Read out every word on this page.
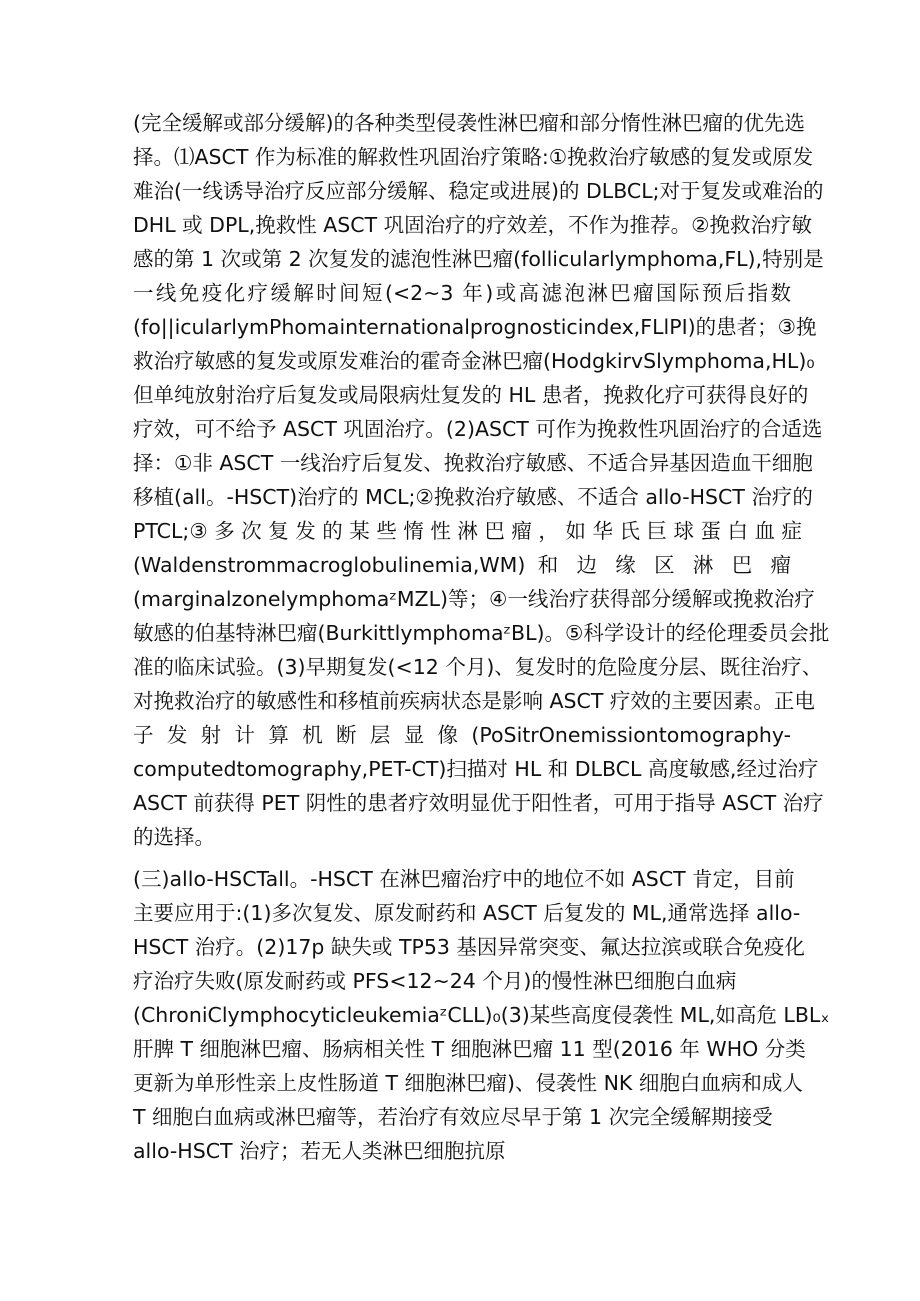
(完全缓解或部分缓解)的各种类型侵袭性淋巴瘤和部分惰性淋巴瘤的优先选
择。⑴ASCT 作为标准的解救性巩固治疗策略:①挽救治疗敏感的复发或原发
难治(一线诱导治疗反应部分缓解、稳定或进展)的 DLBCL;对于复发或难治的
DHL 或 DPL,挽救性 ASCT 巩固治疗的疗效差，不作为推荐。②挽救治疗敏
感的第 1 次或第 2 次复发的滤泡性淋巴瘤(follicularlymphoma,FL),特别是
一线免疫化疗缓解时间短(<2~3 年)或高滤泡淋巴瘤国际预后指数
(fo||icularlymPhomainternationalprognosticindex,FLlPI)的患者；③挽
救治疗敏感的复发或原发难治的霍奇金淋巴瘤(HodgkirvSlymphoma,HL)₀
但单纯放射治疗后复发或局限病灶复发的 HL 患者，挽救化疗可获得良好的
疗效，可不给予 ASCT 巩固治疗。(2)ASCT 可作为挽救性巩固治疗的合适选
择：①非 ASCT 一线治疗后复发、挽救治疗敏感、不适合异基因造血干细胞
移植(all。-HSCT)治疗的 MCL;②挽救治疗敏感、不适合 allo-HSCT 治疗的
PTCL;③ 多 次 复 发 的 某 些 惰 性 淋 巴 瘤 ， 如 华 氏 巨 球 蛋 白 血 症
(Waldenstrommacroglobulinemia,WM) 和 边 缘 区 淋 巴 瘤
(marginalzonelymphomaᶻMZL)等；④一线治疗获得部分缓解或挽救治疗
敏感的伯基特淋巴瘤(BurkittlymphomaᶻBL)。⑤科学设计的经伦理委员会批
准的临床试验。(3)早期复发(<12 个月)、复发时的危险度分层、既往治疗、
对挽救治疗的敏感性和移植前疾病状态是影响 ASCT 疗效的主要因素。正电
子 发 射 计 算 机 断 层 显 像 (PoSitrOnemissiontomography-
computedtomography,PET-CT)扫描对 HL 和 DLBCL 高度敏感,经过治疗
ASCT 前获得 PET 阴性的患者疗效明显优于阳性者，可用于指导 ASCT 治疗
的选择。
(三)allo-HSCTall。-HSCT 在淋巴瘤治疗中的地位不如 ASCT 肯定，目前
主要应用于:(1)多次复发、原发耐药和 ASCT 后复发的 ML,通常选择 allo-
HSCT 治疗。(2)17p 缺失或 TP53 基因异常突变、氟达拉滨或联合免疫化
疗治疗失败(原发耐药或 PFS<12~24 个月)的慢性淋巴细胞白血病
(ChroniClymphocyticleukemiaᶻCLL)₀(3)某些高度侵袭性 ML,如高危 LBLₓ
肝脾 T 细胞淋巴瘤、肠病相关性 T 细胞淋巴瘤 11 型(2016 年 WHO 分类
更新为单形性亲上皮性肠道 T 细胞淋巴瘤)、侵袭性 NK 细胞白血病和成人
T 细胞白血病或淋巴瘤等，若治疗有效应尽早于第 1 次完全缓解期接受
allo-HSCT 治疗；若无人类淋巴细胞抗原
